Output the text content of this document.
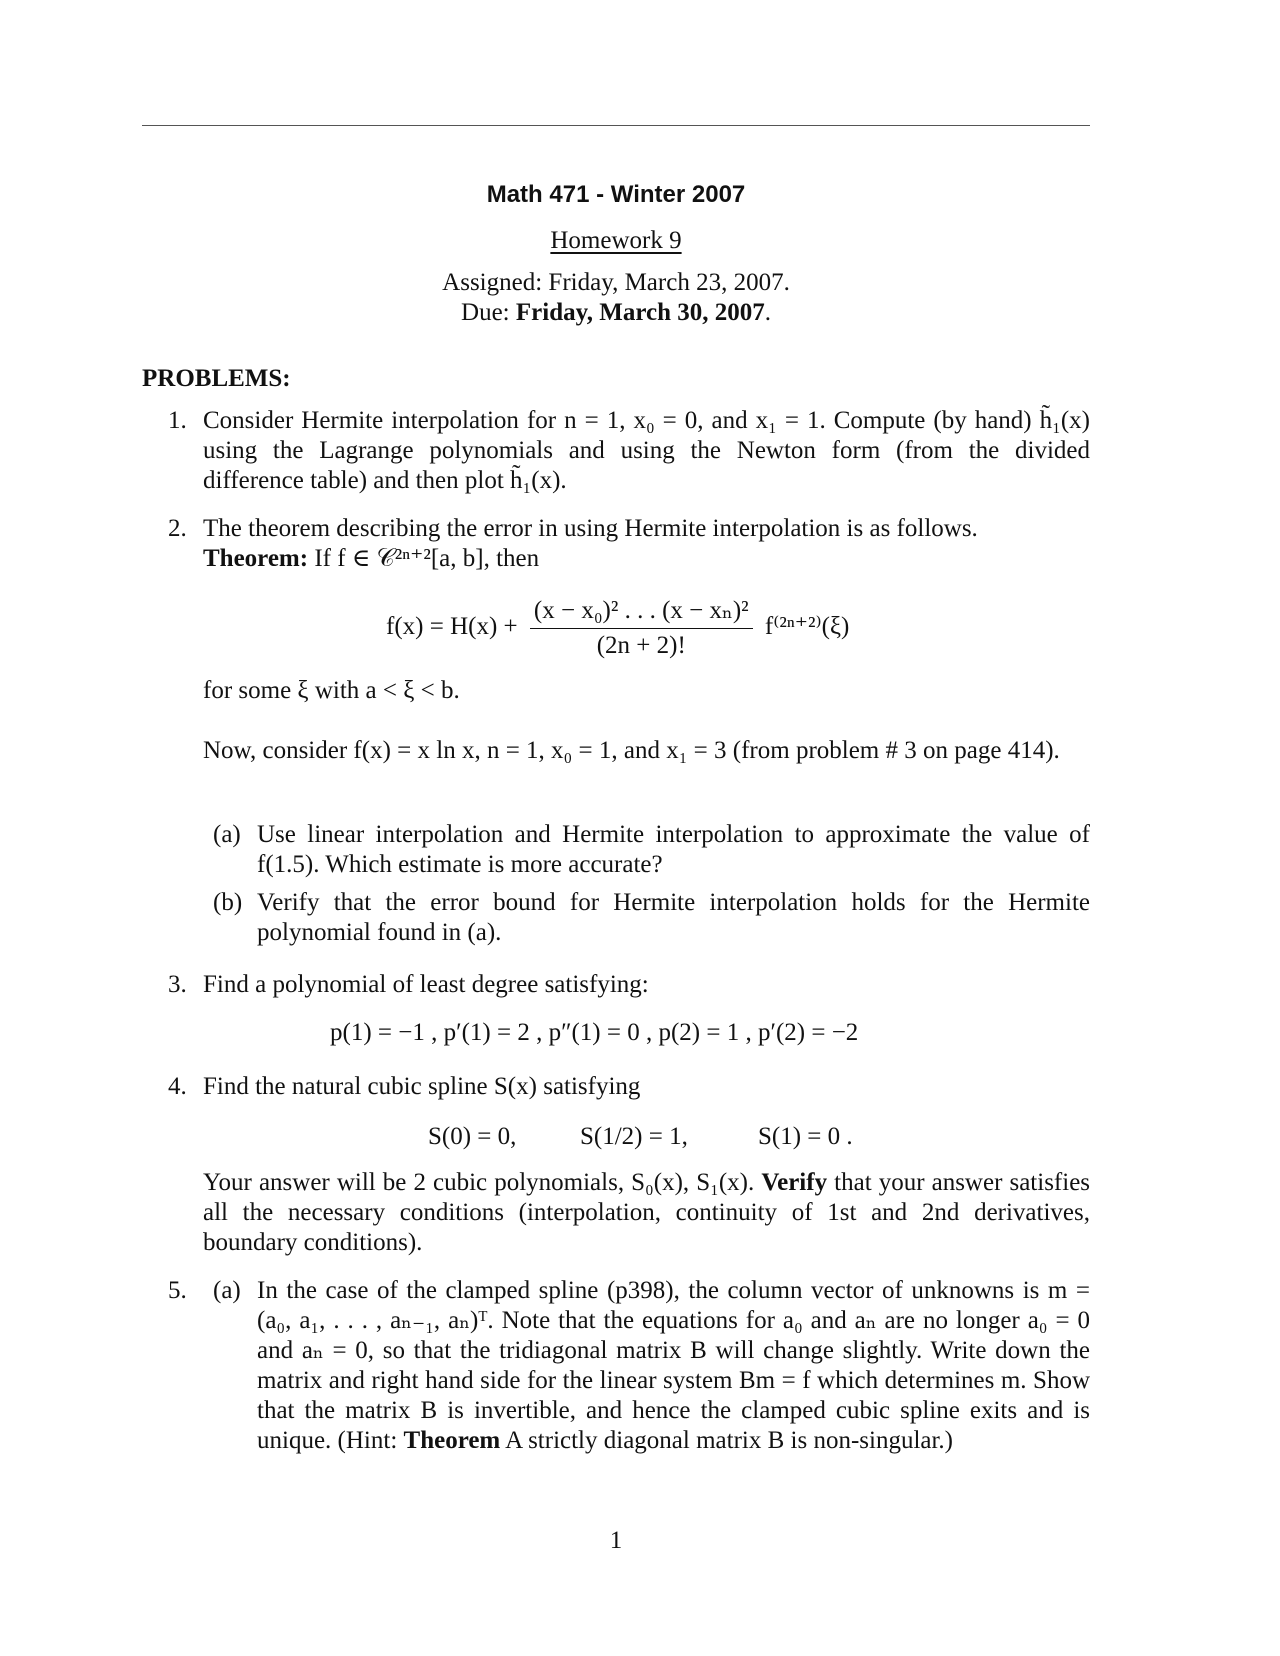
Math 471 - Winter 2007
Homework 9
Assigned: Friday, March 23, 2007.
Due: Friday, March 30, 2007.
PROBLEMS:
1. Consider Hermite interpolation for n = 1, x₀ = 0, and x₁ = 1. Compute (by hand) h̃₁(x) using the Lagrange polynomials and using the Newton form (from the divided difference table) and then plot h̃₁(x).
2. The theorem describing the error in using Hermite interpolation is as follows.
Theorem: If f ∈ 𝒞²ⁿ⁺²[a, b], then
$f(x) = H(x) + \frac{\text{(x − x₀)² . . . (x − xₙ)²}}{(2n + 2)!} f^{(2n+2)}(\xi)$
for some ξ with a < ξ < b.
Now, consider f(x) = x ln x, n = 1, x₀ = 1, and x₁ = 3 (from problem # 3 on page 414).
(a) Use linear interpolation and Hermite interpolation to approximate the value of f(1.5). Which estimate is more accurate?
(b) Verify that the error bound for Hermite interpolation holds for the Hermite polynomial found in (a).
3. Find a polynomial of least degree satisfying:
p(1) = −1 , p′(1) = 2 , p″(1) = 0 , p(2) = 1 , p′(2) = −2
4. Find the natural cubic spline S(x) satisfying
S(0) = 0,	S(1/2) = 1,	S(1) = 0 .
Your answer will be 2 cubic polynomials, S₀(x), S₁(x). Verify that your answer satisfies all the necessary conditions (interpolation, continuity of 1st and 2nd derivatives, boundary conditions).
5. (a) In the case of the clamped spline (p398), the column vector of unknowns is m = (a₀, a₁, . . . , aₙ₋₁, aₙ)ᵀ. Note that the equations for a₀ and aₙ are no longer a₀ = 0 and aₙ = 0, so that the tridiagonal matrix B will change slightly. Write down the matrix and right hand side for the linear system Bm = f which determines m. Show that the matrix B is invertible, and hence the clamped cubic spline exits and is unique. (Hint: Theorem A strictly diagonal matrix B is non-singular.)
1
